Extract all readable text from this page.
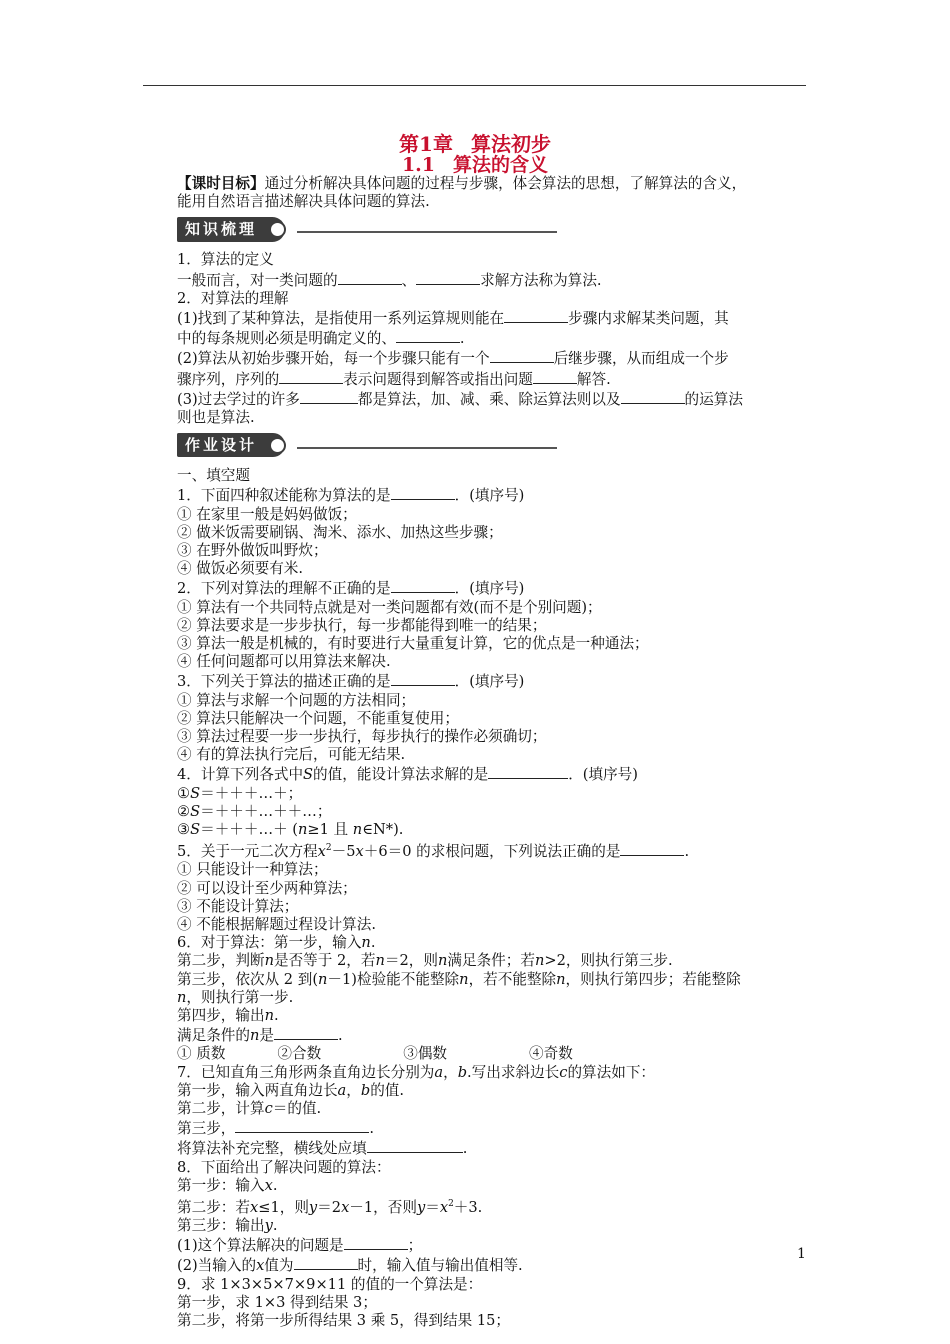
第1章 算法初步
1.1 算法的含义

【课时目标】通过分析解决具体问题的过程与步骤，体会算法的思想，了解算法的含义，

能用自然语言描述解决具体问题的算法.

知识梳理

1．算法的定义

一般而言，对一类问题的	、	求解方法称为算法.

2．对算法的理解

(1)找到了某种算法，是指使用一系列运算规则能在	步骤内求解某类问题，其

中的每条规则必须是明确定义的、	.

(2)算法从初始步骤开始，每一个步骤只能有一个	后继步骤，从而组成一个步

骤序列，序列的	表示问题得到解答或指出问题	解答.

(3)过去学过的许多	都是算法，加、减、乘、除运算法则以及	的运算法

则也是算法.

作业设计

一、填空题

1．下面四种叙述能称为算法的是	．(填序号)

① 在家里一般是妈妈做饭；

② 做米饭需要刷锅、淘米、添水、加热这些步骤；

③ 在野外做饭叫野炊；

④ 做饭必须要有米.

2．下列对算法的理解不正确的是	．(填序号)

① 算法有一个共同特点就是对一类问题都有效(而不是个别问题)；

② 算法要求是一步步执行，每一步都能得到唯一的结果；

③ 算法一般是机械的，有时要进行大量重复计算，它的优点是一种通法；

④ 任何问题都可以用算法来解决.

3．下列关于算法的描述正确的是	．(填序号)

① 算法与求解一个问题的方法相同；

② 算法只能解决一个问题，不能重复使用；

③ 算法过程要一步一步执行，每步执行的操作必须确切；

④ 有的算法执行完后，可能无结果.

4．计算下列各式中S的值，能设计算法求解的是	．(填序号)

①S＝＋＋＋…＋；

②S＝＋＋＋…＋＋…；

③S＝＋＋＋…＋ (n≥1 且 n∈N*).

5．关于一元二次方程$x^2-5x+6=0$ 的求根问题，下列说法正确的是	.

① 只能设计一种算法；

② 可以设计至少两种算法；

③ 不能设计算法；

④ 不能根据解题过程设计算法.

6．对于算法：第一步，输入n.

第二步，判断n是否等于 2，若n＝2，则n满足条件；若n>2，则执行第三步.

第三步，依次从 2 到(n－1)检验能不能整除n，若不能整除n，则执行第四步；若能整除

n，则执行第一步.

第四步，输出n.

满足条件的n是	.

① 质数	②合数	③偶数	④奇数

7．已知直角三角形两条直角边长分别为a，b.写出求斜边长c的算法如下：

第一步，输入两直角边长a，b的值.

第二步，计算c＝的值.

第三步，	.

将算法补充完整，横线处应填	.

8．下面给出了解决问题的算法：

第一步：输入x.

第二步：若x≤1，则y＝2x－1，否则$y=x^2+3$.

第三步：输出y.

(1)这个算法解决的问题是	；

(2)当输入的x值为	时，输入值与输出值相等.

9．求 1×3×5×7×9×11 的值的一个算法是：

第一步，求 1×3 得到结果 3；

第二步，将第一步所得结果 3 乘 5，得到结果 15；

1
